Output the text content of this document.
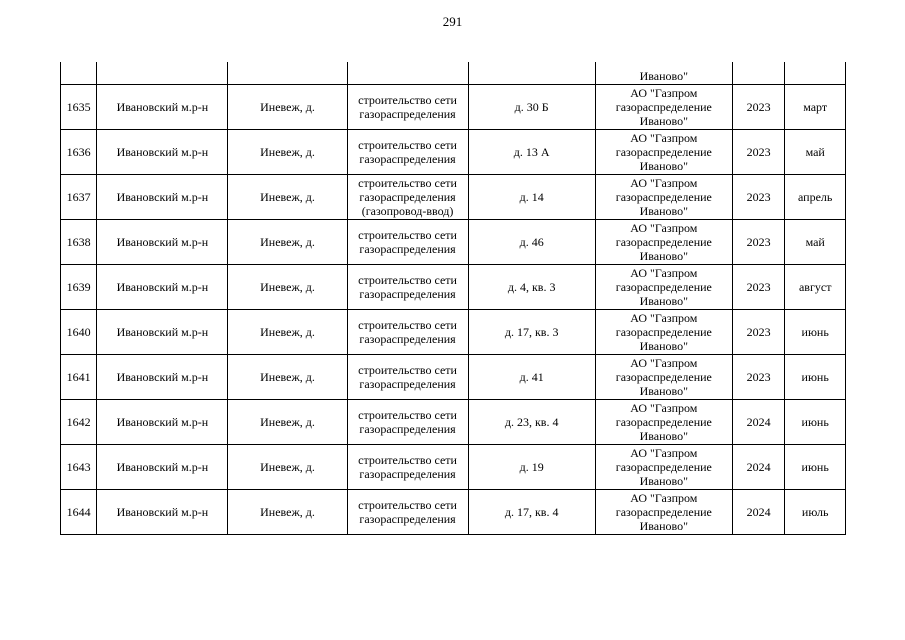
291
					Иваново"		

1635	Ивановский м.р-н	Иневеж, д.	строительство сети
газораспределения	д. 30 Б	АО "Газпром
газораспределение
Иваново"	2023	март

1636	Ивановский м.р-н	Иневеж, д.	строительство сети
газораспределения	д. 13 А	АО "Газпром
газораспределение
Иваново"	2023	май

1637	Ивановский м.р-н	Иневеж, д.	строительство сети
газораспределения
(газопровод-ввод)	д. 14	АО "Газпром
газораспределение
Иваново"	2023	апрель

1638	Ивановский м.р-н	Иневеж, д.	строительство сети
газораспределения	д. 46	АО "Газпром
газораспределение
Иваново"	2023	май

1639	Ивановский м.р-н	Иневеж, д.	строительство сети
газораспределения	д. 4, кв. 3	АО "Газпром
газораспределение
Иваново"	2023	август

1640	Ивановский м.р-н	Иневеж, д.	строительство сети
газораспределения	д. 17, кв. 3	АО "Газпром
газораспределение
Иваново"	2023	июнь

1641	Ивановский м.р-н	Иневеж, д.	строительство сети
газораспределения	д. 41	АО "Газпром
газораспределение
Иваново"	2023	июнь

1642	Ивановский м.р-н	Иневеж, д.	строительство сети
газораспределения	д. 23, кв. 4	АО "Газпром
газораспределение
Иваново"	2024	июнь

1643	Ивановский м.р-н	Иневеж, д.	строительство сети
газораспределения	д. 19	АО "Газпром
газораспределение
Иваново"	2024	июнь

1644	Ивановский м.р-н	Иневеж, д.	строительство сети
газораспределения	д. 17, кв. 4	АО "Газпром
газораспределение
Иваново"	2024	июль
